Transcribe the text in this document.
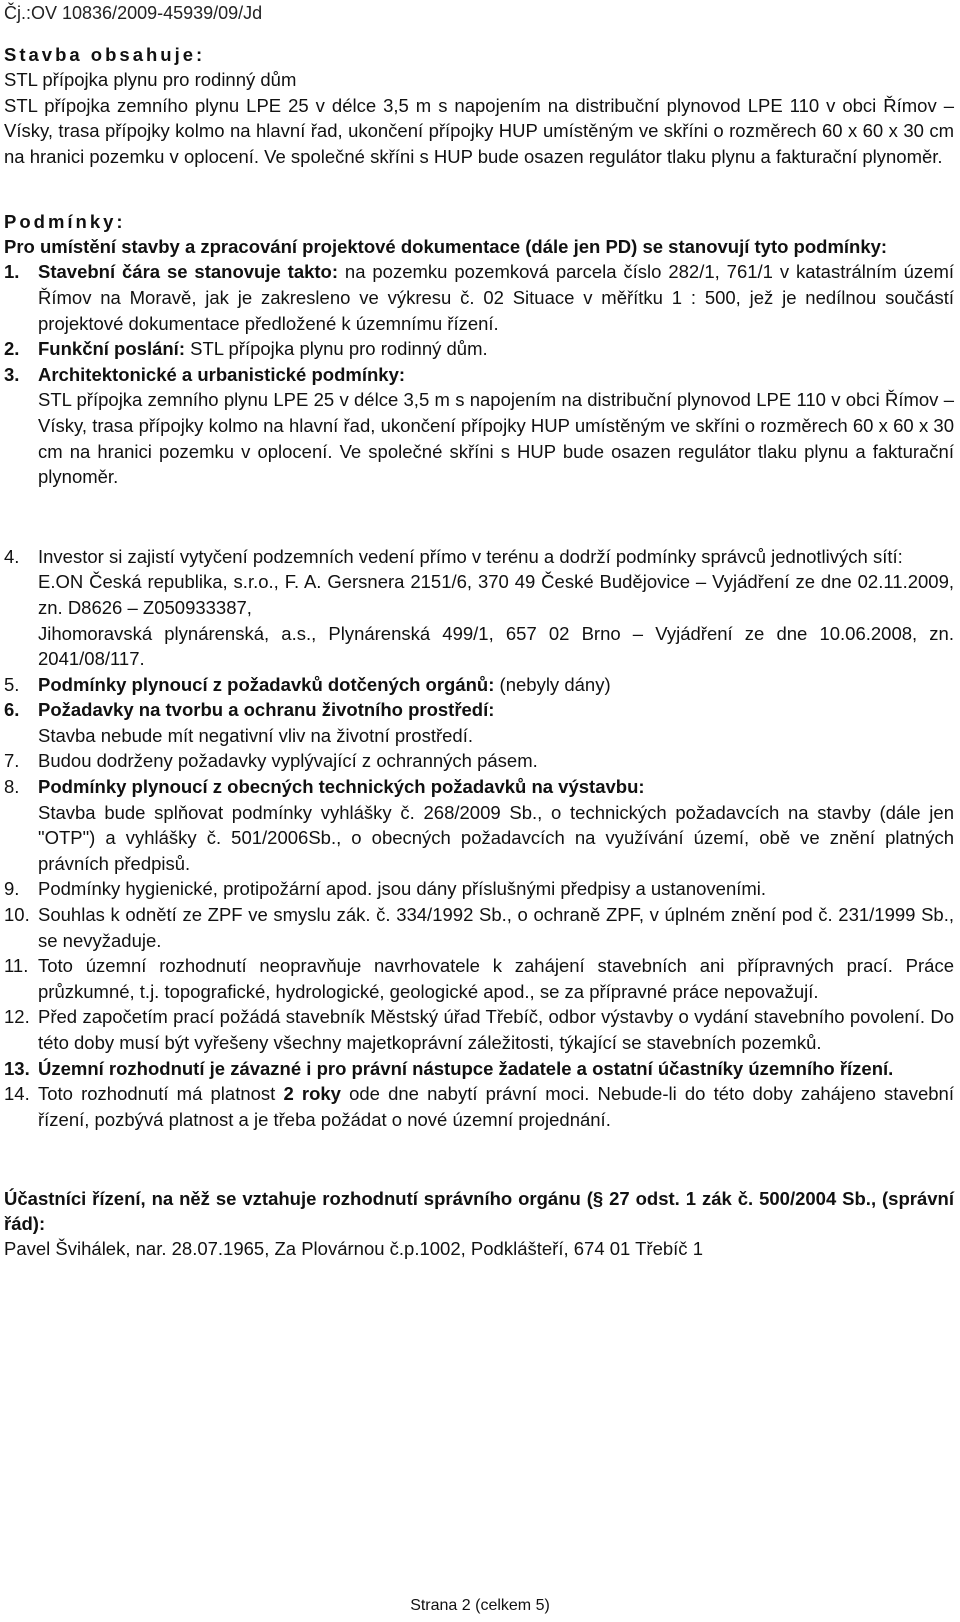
Čj.:OV 10836/2009-45939/09/Jd

Stavba obsahuje:

STL přípojka plynu pro rodinný dům

STL přípojka zemního plynu LPE 25 v délce 3,5 m s napojením na distribuční plynovod LPE 110 v obci Římov – Vísky, trasa přípojky kolmo na hlavní řad, ukončení přípojky HUP umístěným ve skříni o rozměrech 60 x 60 x 30 cm na hranici pozemku v oplocení. Ve společné skříni s HUP bude osazen regulátor tlaku plynu a fakturační plynoměr.

Podmínky:

Pro umístění stavby a zpracování projektové dokumentace (dále jen PD) se stanovují tyto podmínky:

1.	Stavební čára se stanovuje takto: na pozemku pozemková parcela číslo 282/1, 761/1 v katastrálním území Římov na Moravě, jak je zakresleno ve výkresu č. 02 Situace v měřítku 1 : 500, jež je nedílnou součástí projektové dokumentace předložené k územnímu řízení.
2.	Funkční poslání: STL přípojka plynu pro rodinný dům.
3.	Architektonické a urbanistické podmínky:
STL přípojka zemního plynu LPE 25 v délce 3,5 m s napojením na distribuční plynovod LPE 110 v obci Římov – Vísky, trasa přípojky kolmo na hlavní řad, ukončení přípojky HUP umístěným ve skříni o rozměrech 60 x 60 x 30 cm na hranici pozemku v oplocení. Ve společné skříni s HUP bude osazen regulátor tlaku plynu a fakturační plynoměr.
4.	Investor si zajistí vytyčení podzemních vedení přímo v terénu a dodrží podmínky správců jednotlivých sítí:
E.ON Česká republika, s.r.o., F. A. Gersnera 2151/6, 370 49 České Budějovice – Vyjádření ze dne 02.11.2009, zn. D8626 – Z050933387,
Jihomoravská plynárenská, a.s., Plynárenská 499/1, 657 02 Brno – Vyjádření ze dne 10.06.2008, zn. 2041/08/117.
5.	Podmínky plynoucí z požadavků dotčených orgánů: (nebyly dány)
6.	Požadavky na tvorbu a ochranu životního prostředí:
Stavba nebude mít negativní vliv na životní prostředí.
7.	Budou dodrženy požadavky vyplývající z ochranných pásem.
8.	Podmínky plynoucí z obecných technických požadavků na výstavbu:
Stavba bude splňovat podmínky vyhlášky č. 268/2009 Sb., o technických požadavcích na stavby (dále jen "OTP") a vyhlášky č. 501/2006Sb., o obecných požadavcích na využívání území, obě ve znění platných právních předpisů.
9.	Podmínky hygienické, protipožární apod. jsou dány příslušnými předpisy a ustanoveními.
10. Souhlas k odnětí ze ZPF ve smyslu zák. č. 334/1992 Sb., o ochraně ZPF, v úplném znění pod č. 231/1999 Sb., se nevyžaduje.
11. Toto územní rozhodnutí neopravňuje navrhovatele k zahájení stavebních ani přípravných prací. Práce průzkumné, t.j. topografické, hydrologické, geologické apod., se za přípravné práce nepovažují.
12. Před započetím prací požádá stavebník Městský úřad Třebíč, odbor výstavby o vydání stavebního povolení. Do této doby musí být vyřešeny všechny majetkoprávní záležitosti, týkající se stavebních pozemků.
13. Územní rozhodnutí je závazné i pro právní nástupce žadatele a ostatní účastníky územního řízení.
14. Toto rozhodnutí má platnost 2 roky ode dne nabytí právní moci. Nebude-li do této doby zahájeno stavební řízení, pozbývá platnost a je třeba požádat o nové územní projednání.

Účastníci řízení, na něž se vztahuje rozhodnutí správního orgánu (§ 27 odst. 1 zák č. 500/2004 Sb., (správní řád):

Pavel Švihálek, nar. 28.07.1965, Za Plovárnou č.p.1002, Podklášteří, 674 01 Třebíč 1

Strana 2 (celkem 5)
